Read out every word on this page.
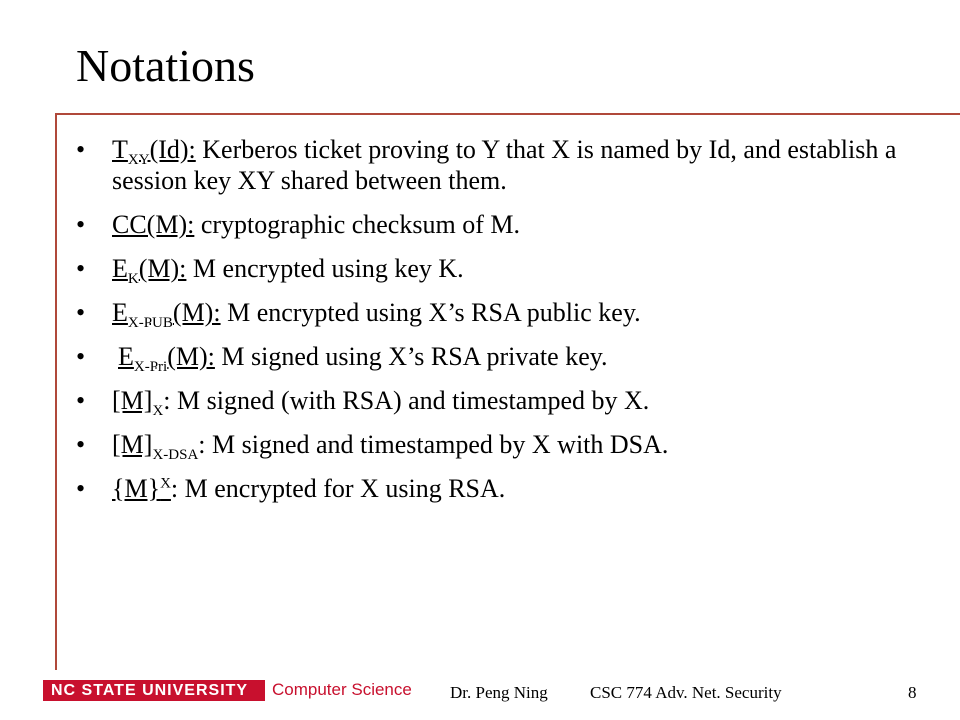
Notations
• $T_{XY}(Id)$: Kerberos ticket proving to Y that X is named by Id, and establish a session key XY shared between them.
• CC(M): cryptographic checksum of M.
• $E_K(M)$: M encrypted using key K.
• $E_{X-PUB}(M)$: M encrypted using X’s RSA public key.
• $E_{X-Pri}(M)$: M signed using X’s RSA private key.
• $[M]_X$: M signed (with RSA) and timestamped by X.
• $[M]_{X-DSA}$: M signed and timestamped by X with DSA.
• $\{M\}^X$: M encrypted for X using RSA.
NC STATE UNIVERSITY	Computer Science Dr. Peng Ning CSC 774 Adv. Net. Security	8
